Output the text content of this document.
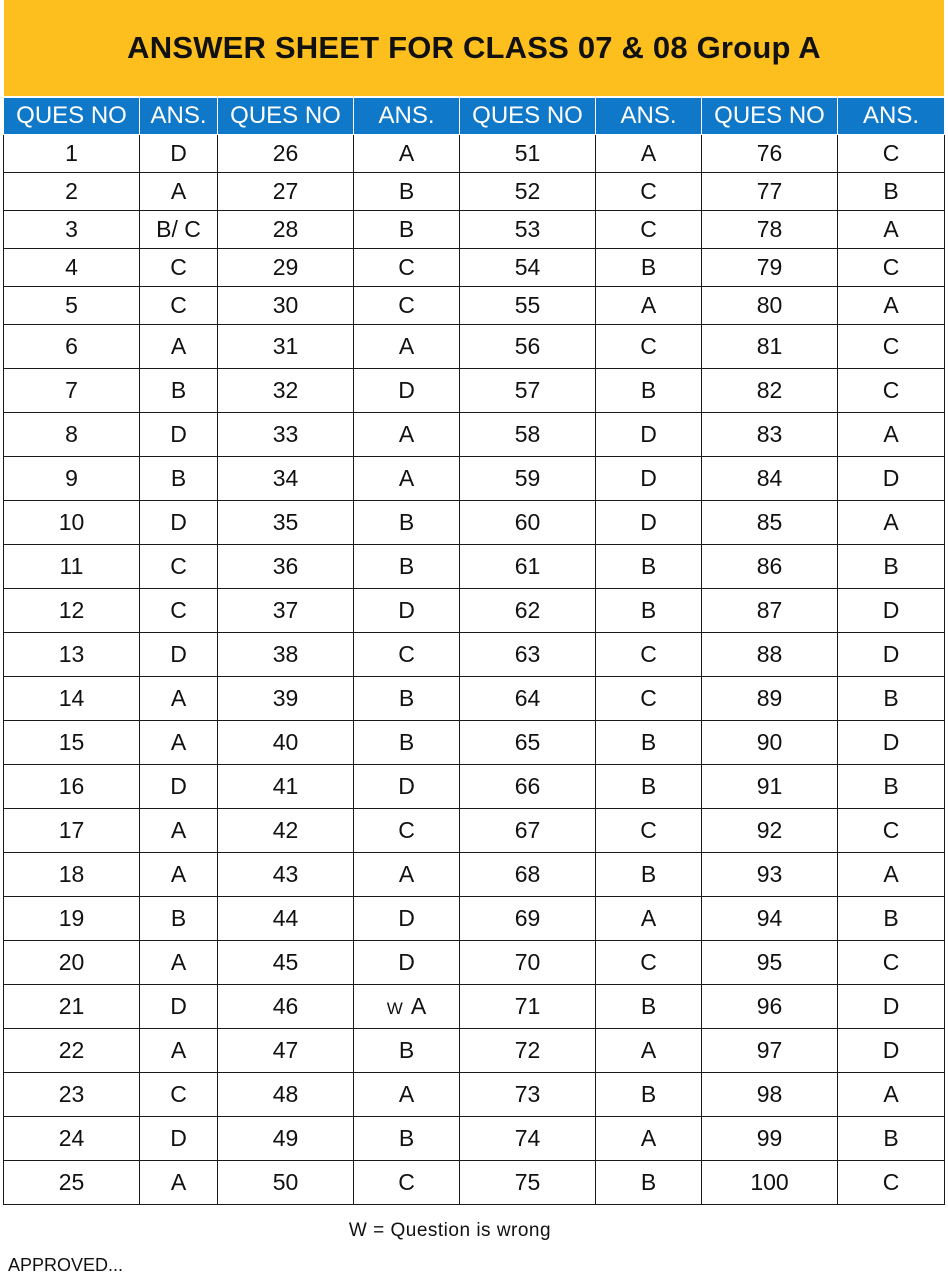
ANSWER SHEET FOR CLASS 07 & 08 Group A
QUES NO	ANS.	QUES NO	ANS.	QUES NO	ANS.	QUES NO	ANS.
1	D	26	A	51	A	76	C
2	A	27	B	52	C	77	B
3	B/ C	28	B	53	C	78	A
4	C	29	C	54	B	79	C
5	C	30	C	55	A	80	A
6	A	31	A	56	C	81	C
7	B	32	D	57	B	82	C
8	D	33	A	58	D	83	A
9	B	34	A	59	D	84	D
10	D	35	B	60	D	85	A
11	C	36	B	61	B	86	B
12	C	37	D	62	B	87	D
13	D	38	C	63	C	88	D
14	A	39	B	64	C	89	B
15	A	40	B	65	B	90	D
16	D	41	D	66	B	91	B
17	A	42	C	67	C	92	C
18	A	43	A	68	B	93	A
19	B	44	D	69	A	94	B
20	A	45	D	70	C	95	C
21	D	46	W A	71	B	96	D
22	A	47	B	72	A	97	D
23	C	48	A	73	B	98	A
24	D	49	B	74	A	99	B
25	A	50	C	75	B	100	C
W = Question is wrong
APPROVED...
